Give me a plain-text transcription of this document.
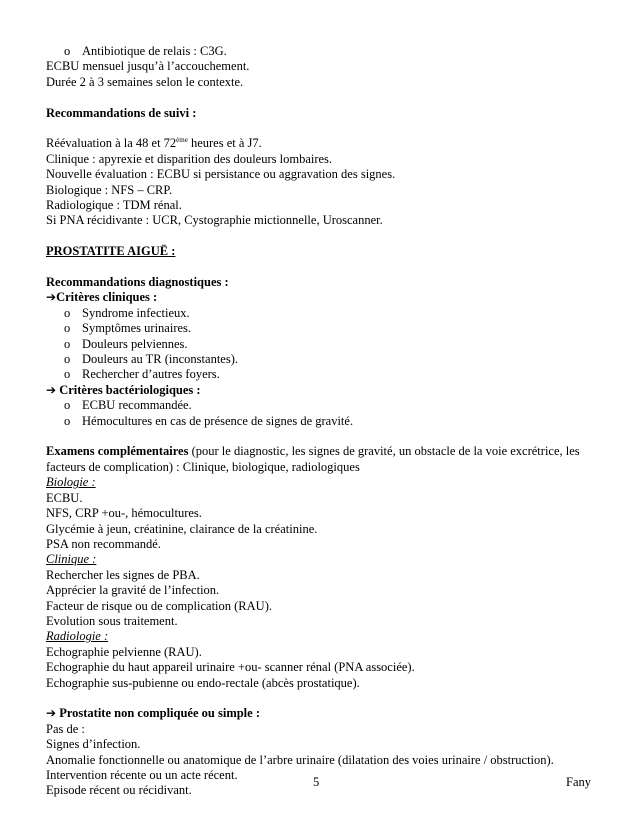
o Antibiotique de relais : C3G.
ECBU mensuel jusqu’à l’accouchement.
Durée 2 à 3 semaines selon le contexte.
Recommandations de suivi :
Réévaluation à la 48 et 72ème heures et à J7.
Clinique : apyrexie et disparition des douleurs lombaires.
Nouvelle évaluation : ECBU si persistance ou aggravation des signes.
Biologique : NFS – CRP.
Radiologique : TDM rénal.
Si PNA récidivante : UCR, Cystographie mictionnelle, Uroscanner.
PROSTATITE AIGUË :
Recommandations diagnostiques :
➔Critères cliniques :
o Syndrome infectieux.
o Symptômes urinaires.
o Douleurs pelviennes.
o Douleurs au TR (inconstantes).
o Rechercher d’autres foyers.
➔ Critères bactériologiques :
o ECBU recommandée.
o Hémocultures en cas de présence de signes de gravité.
Examens complémentaires (pour le diagnostic, les signes de gravité, un obstacle de la voie excrétrice, les facteurs de complication) : Clinique, biologique, radiologiques
Biologie :
ECBU.
NFS, CRP +ou-, hémocultures.
Glycémie à jeun, créatinine, clairance de la créatinine.
PSA non recommandé.
Clinique :
Rechercher les signes de PBA.
Apprécier la gravité de l’infection.
Facteur de risque ou de complication (RAU).
Evolution sous traitement.
Radiologie :
Echographie pelvienne (RAU).
Echographie du haut appareil urinaire +ou- scanner rénal (PNA associée).
Echographie sus-pubienne ou endo-rectale (abcès prostatique).
➔ Prostatite non compliquée ou simple :
Pas de :
Signes d’infection.
Anomalie fonctionnelle ou anatomique de l’arbre urinaire (dilatation des voies urinaire / obstruction).
Intervention récente ou un acte récent.
Episode récent ou récidivant.
5	Fany
